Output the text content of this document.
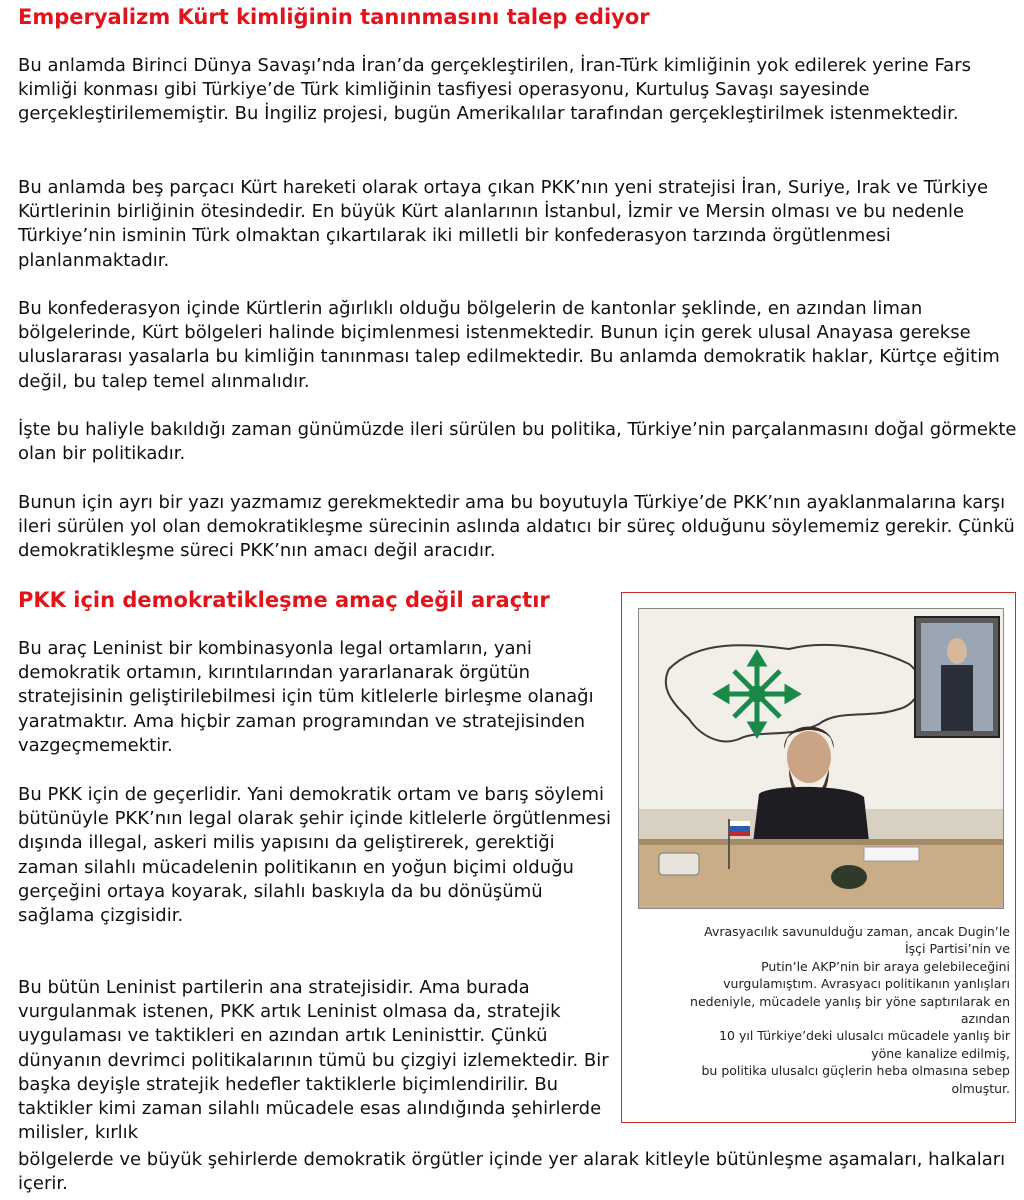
Emperyalizm Kürt kimliğinin tanınmasını talep ediyor

Bu anlamda Birinci Dünya Savaşı’nda İran’da gerçekleştirilen, İran-Türk kimliğinin yok edilerek yerine Fars kimliği konması gibi Türkiye’de Türk kimliğinin tasfiyesi operasyonu, Kurtuluş Savaşı sayesinde gerçekleştirilememiştir. Bu İngiliz projesi, bugün Amerikalılar tarafından gerçekleştirilmek istenmektedir.

Bu anlamda beş parçacı Kürt hareketi olarak ortaya çıkan PKK’nın yeni stratejisi İran, Suriye, Irak ve Türkiye Kürtlerinin birliğinin ötesindedir. En büyük Kürt alanlarının İstanbul, İzmir ve Mersin olması ve bu nedenle Türkiye’nin isminin Türk olmaktan çıkartılarak iki milletli bir konfederasyon tarzında örgütlenmesi planlanmaktadır.

Bu konfederasyon içinde Kürtlerin ağırlıklı olduğu bölgelerin de kantonlar şeklinde, en azından liman bölgelerinde, Kürt bölgeleri halinde biçimlenmesi istenmektedir. Bunun için gerek ulusal Anayasa gerekse uluslararası yasalarla bu kimliğin tanınması talep edilmektedir. Bu anlamda demokratik haklar, Kürtçe eğitim değil, bu talep temel alınmalıdır.

İşte bu haliyle bakıldığı zaman günümüzde ileri sürülen bu politika, Türkiye’nin parçalanmasını doğal görmekte olan bir politikadır.

Bunun için ayrı bir yazı yazmamız gerekmektedir ama bu boyutuyla Türkiye’de PKK’nın ayaklanmalarına karşı ileri sürülen yol olan demokratikleşme sürecinin aslında aldatıcı bir süreç olduğunu söylememiz gerekir. Çünkü demokratikleşme süreci PKK’nın amacı değil aracıdır.

PKK için demokratikleşme amaç değil araçtır

Bu araç Leninist bir kombinasyonla legal ortamların, yani demokratik ortamın, kırıntılarından yararlanarak örgütün stratejisinin geliştirilebilmesi için tüm kitlelerle birleşme olanağı yaratmaktır. Ama hiçbir zaman programından ve stratejisinden vazgeçmemektir.

Bu PKK için de geçerlidir. Yani demokratik ortam ve barış söylemi bütünüyle PKK’nın legal olarak şehir içinde kitlelerle örgütlenmesi dışında illegal, askeri milis yapısını da geliştirerek, gerektiği zaman silahlı mücadelenin politikanın en yoğun biçimi olduğu gerçeğini ortaya koyarak, silahlı baskıyla da bu dönüşümü sağlama çizgisidir.

Bu bütün Leninist partilerin ana stratejisidir. Ama burada vurgulanmak istenen, PKK artık Leninist olmasa da, stratejik uygulaması ve taktikleri en azından artık Leninisttir. Çünkü dünyanın devrimci politikalarının tümü bu çizgiyi izlemektedir. Bir başka deyişle stratejik hedefler taktiklerle biçimlendirilir. Bu taktikler kimi zaman silahlı mücadele esas alındığında şehirlerde milisler, kırlık

bölgelerde ve büyük şehirlerde demokratik örgütler içinde yer alarak kitleyle bütünleşme aşamaları, halkaları içerir.

Avrasyacılık savunulduğu zaman, ancak Dugin’le
İşçi Partisi’nin ve
Putin’le AKP’nin bir araya gelebileceğini
vurgulamıştım. Avrasyacı politikanın yanlışları
nedeniyle, mücadele yanlış bir yöne saptırılarak en
azından
10 yıl Türkiye’deki ulusalcı mücadele yanlış bir
yöne kanalize edilmiş,
bu politika ulusalcı güçlerin heba olmasına sebep
olmuştur.
